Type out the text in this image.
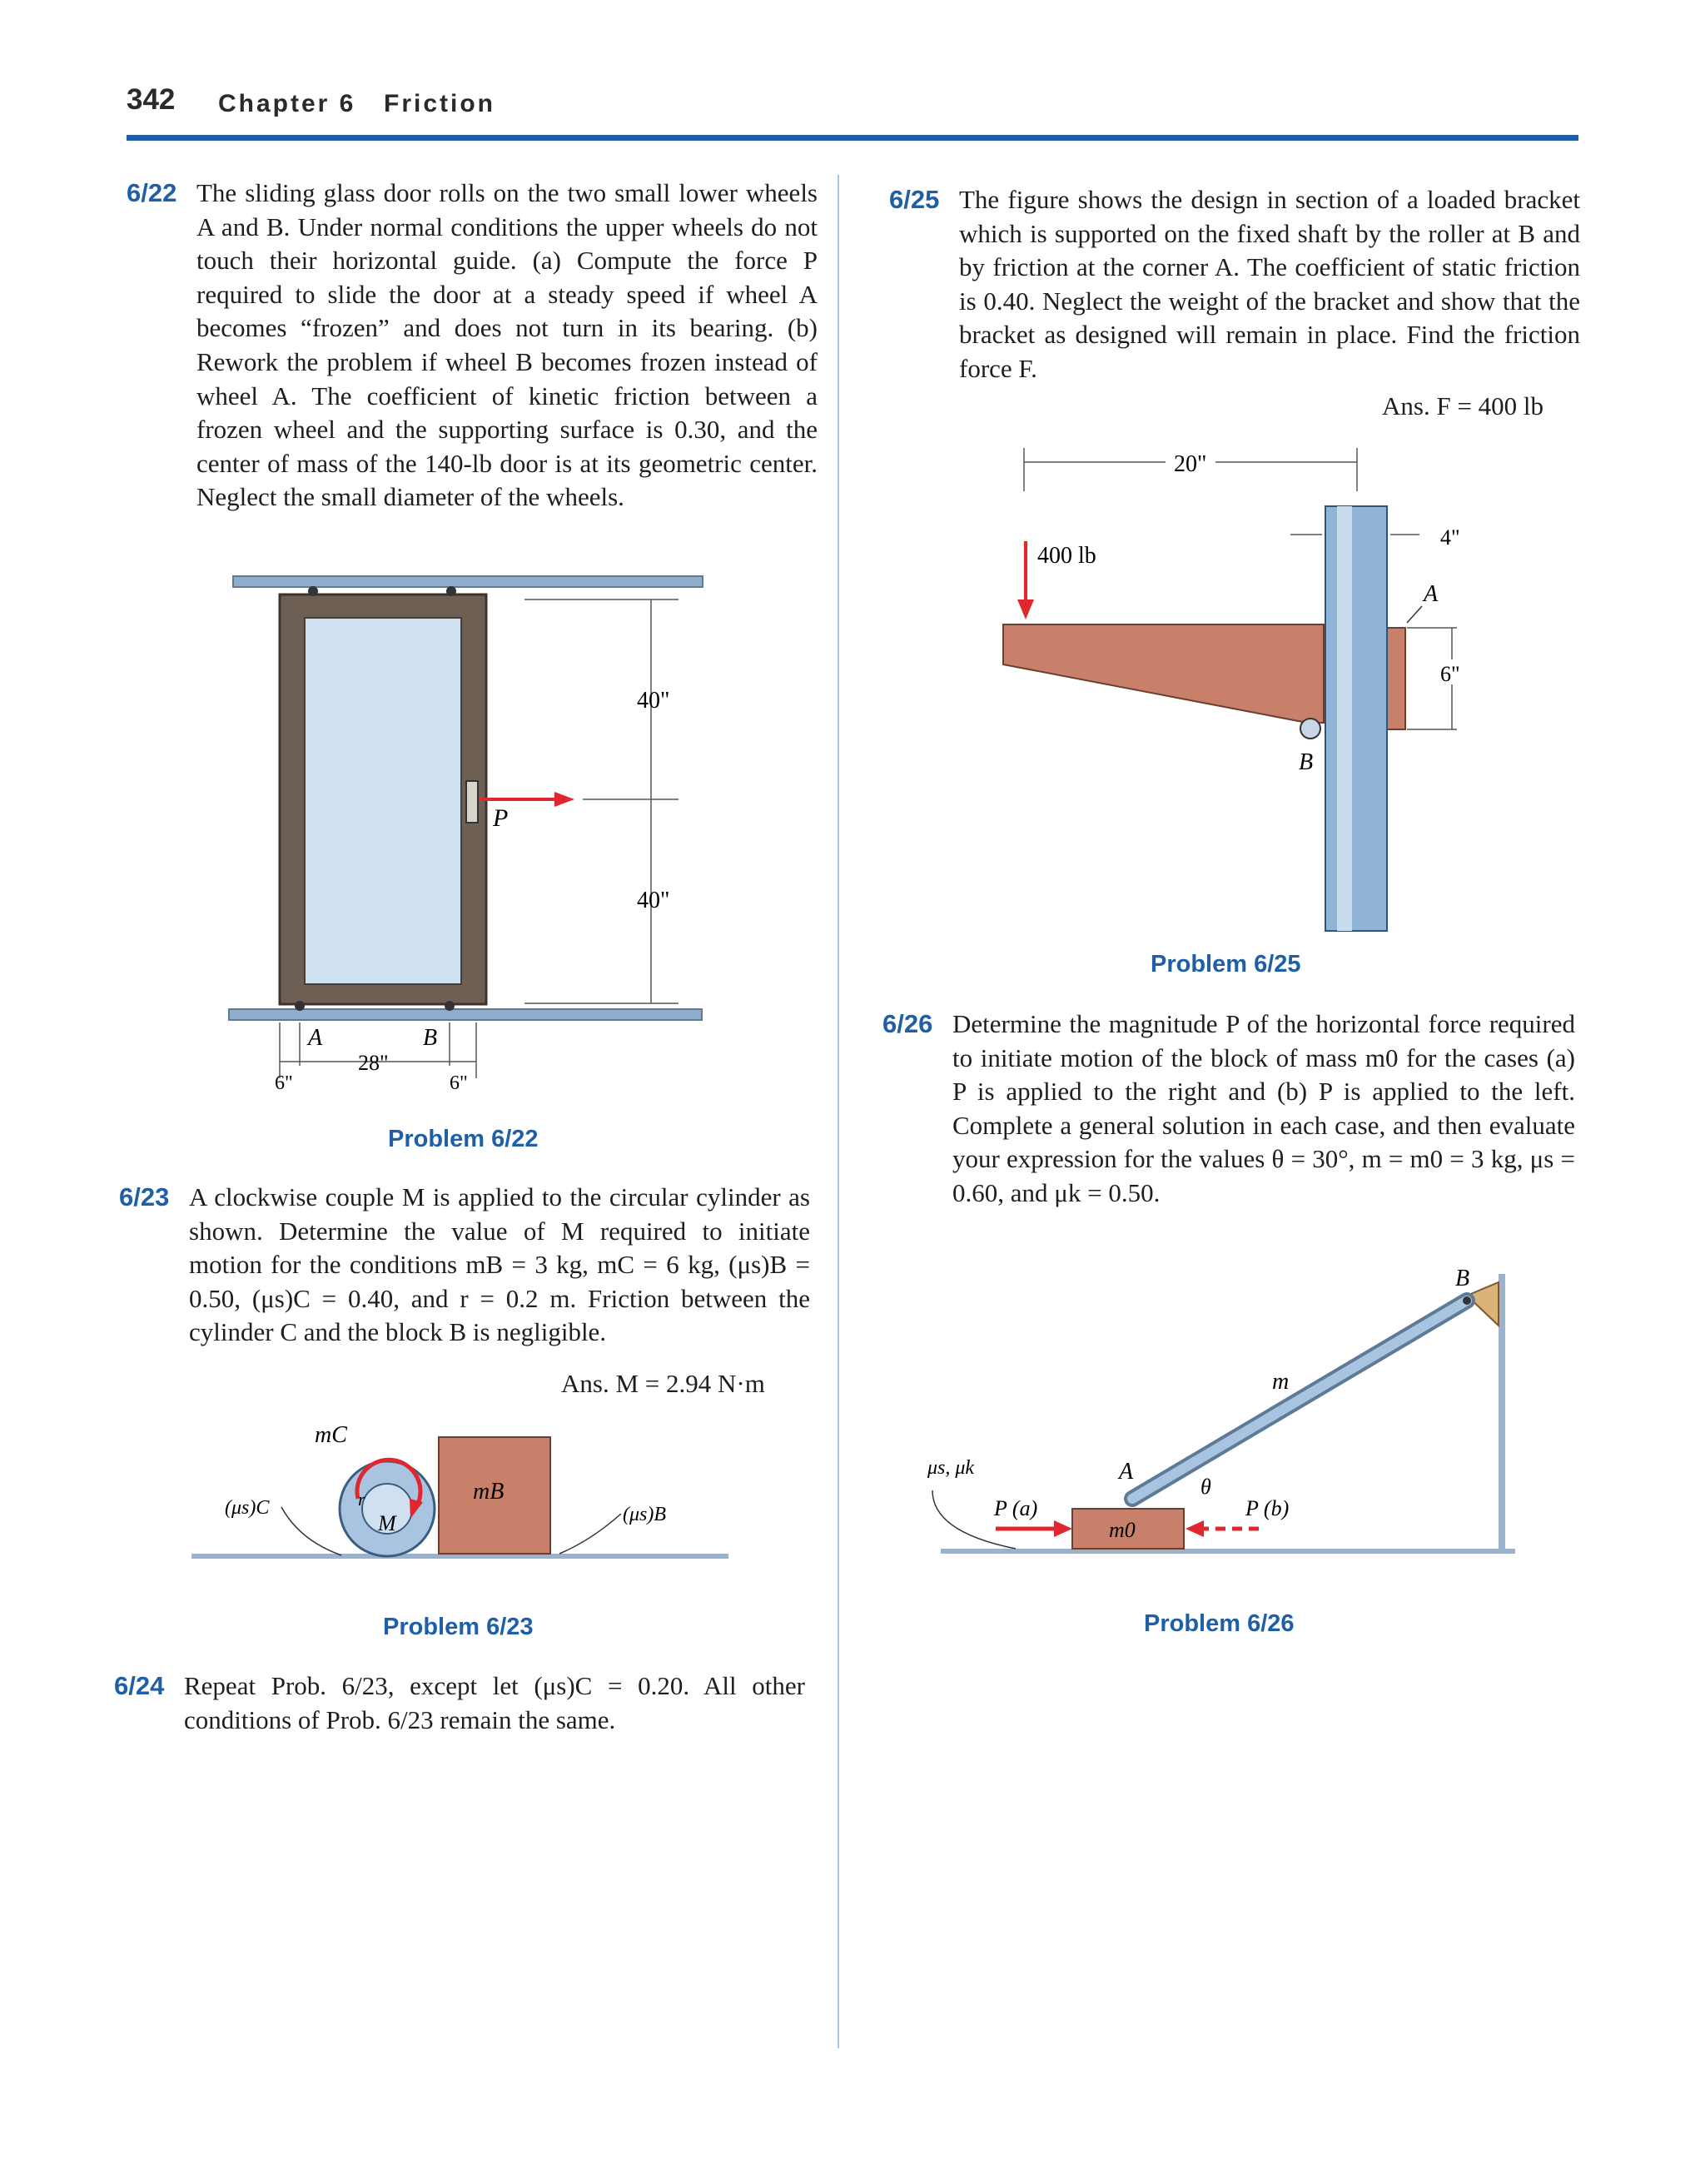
342 Chapter 6 Friction
6/22 The sliding glass door rolls on the two small lower wheels A and B. Under normal conditions the upper wheels do not touch their horizontal guide. (a) Compute the force P required to slide the door at a steady speed if wheel A becomes “frozen” and does not turn in its bearing. (b) Rework the problem if wheel B becomes frozen instead of wheel A. The coefficient of kinetic friction between a frozen wheel and the supporting surface is 0.30, and the center of mass of the 140-lb door is at its geometric center. Neglect the small diameter of the wheels.

P
40"
40"
A	B
6"
28"
6"
Problem 6/22
6/23 A clockwise couple M is applied to the circular cylinder as shown. Determine the value of M required to initiate motion for the conditions mB = 3 kg, mC = 6 kg, (μs)B = 0.50, (μs)C = 0.40, and r = 0.2 m. Friction between the cylinder C and the block B is negligible.

Ans. M = 2.94 N·m
r
M
mC
mB
(μs)C	(μs)B
Problem 6/23
6/24 Repeat Prob. 6/23, except let (μs)C = 0.20. All other conditions of Prob. 6/23 remain the same.

6/25 The figure shows the design in section of a loaded bracket which is supported on the fixed shaft by the roller at B and by friction at the corner A. The coefficient of static friction is 0.40. Neglect the weight of the bracket and show that the bracket as designed will remain in place. Find the friction force F.

Ans. F = 400 lb
20"
400 lb
B
A
4"
6"
Problem 6/25
6/26 Determine the magnitude P of the horizontal force required to initiate motion of the block of mass m0 for the cases (a) P is applied to the right and (b) P is applied to the left. Complete a general solution in each case, and then evaluate your expression for the values θ = 30°, m = m0 = 3 kg, μs = 0.60, and μk = 0.50.

B
m
A
θ
m0
μs, μk
P (a)	P (b)
Problem 6/26
